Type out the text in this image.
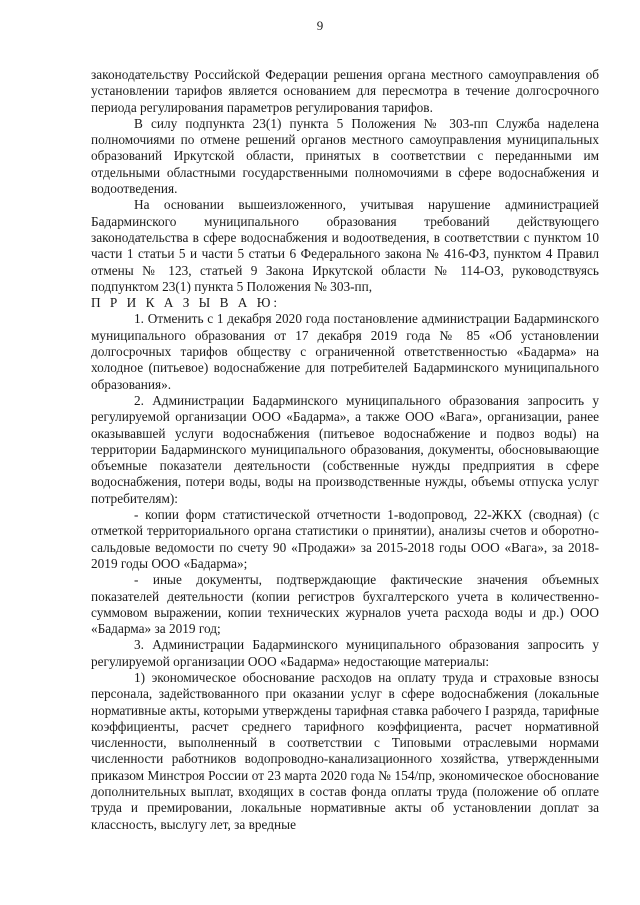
9

законодательству Российской Федерации решения органа местного самоуправления об установлении тарифов является основанием для пересмотра в течение долгосрочного периода регулирования параметров регулирования тарифов.

В силу подпункта 23(1) пункта 5 Положения № 303-пп Служба наделена полномочиями по отмене решений органов местного самоуправления муниципальных образований Иркутской области, принятых в соответствии с переданными им отдельными областными государственными полномочиями в сфере водоснабжения и водоотведения.

На основании вышеизложенного, учитывая нарушение администрацией Бадарминского муниципального образования требований действующего законодательства в сфере водоснабжения и водоотведения, в соответствии с пунктом 10 части 1 статьи 5 и части 5 статьи 6 Федерального закона № 416-ФЗ, пунктом 4 Правил отмены № 123, статьей 9 Закона Иркутской области № 114-ОЗ, руководствуясь подпунктом 23(1) пункта 5 Положения № 303-пп,

П Р И К А З Ы В А Ю:

1. Отменить с 1 декабря 2020 года постановление администрации Бадарминского муниципального образования от 17 декабря 2019 года № 85 «Об установлении долгосрочных тарифов обществу с ограниченной ответственностью «Бадарма» на холодное (питьевое) водоснабжение для потребителей Бадарминского муниципального образования».

2. Администрации Бадарминского муниципального образования запросить у регулируемой организации ООО «Бадарма», а также ООО «Вага», организации, ранее оказывавшей услуги водоснабжения (питьевое водоснабжение и подвоз воды) на территории Бадарминского муниципального образования, документы, обосновывающие объемные показатели деятельности (собственные нужды предприятия в сфере водоснабжения, потери воды, воды на производственные нужды, объемы отпуска услуг потребителям):

- копии форм статистической отчетности 1-водопровод, 22-ЖКХ (сводная) (с отметкой территориального органа статистики о принятии), анализы счетов и оборотно-сальдовые ведомости по счету 90 «Продажи» за 2015-2018 годы ООО «Вага», за 2018-2019 годы ООО «Бадарма»;

- иные документы, подтверждающие фактические значения объемных показателей деятельности (копии регистров бухгалтерского учета в количественно-суммовом выражении, копии технических журналов учета расхода воды и др.) ООО «Бадарма» за 2019 год;

3. Администрации Бадарминского муниципального образования запросить у регулируемой организации ООО «Бадарма» недостающие материалы:

1) экономическое обоснование расходов на оплату труда и страховые взносы персонала, задействованного при оказании услуг в сфере водоснабжения (локальные нормативные акты, которыми утверждены тарифная ставка рабочего I разряда, тарифные коэффициенты, расчет среднего тарифного коэффициента, расчет нормативной численности, выполненный в соответствии с Типовыми отраслевыми нормами численности работников водопроводно-канализационного хозяйства, утвержденными приказом Минстроя России от 23 марта 2020 года № 154/пр, экономическое обоснование дополнительных выплат, входящих в состав фонда оплаты труда (положение об оплате труда и премировании, локальные нормативные акты об установлении доплат за классность, выслугу лет, за вредные
